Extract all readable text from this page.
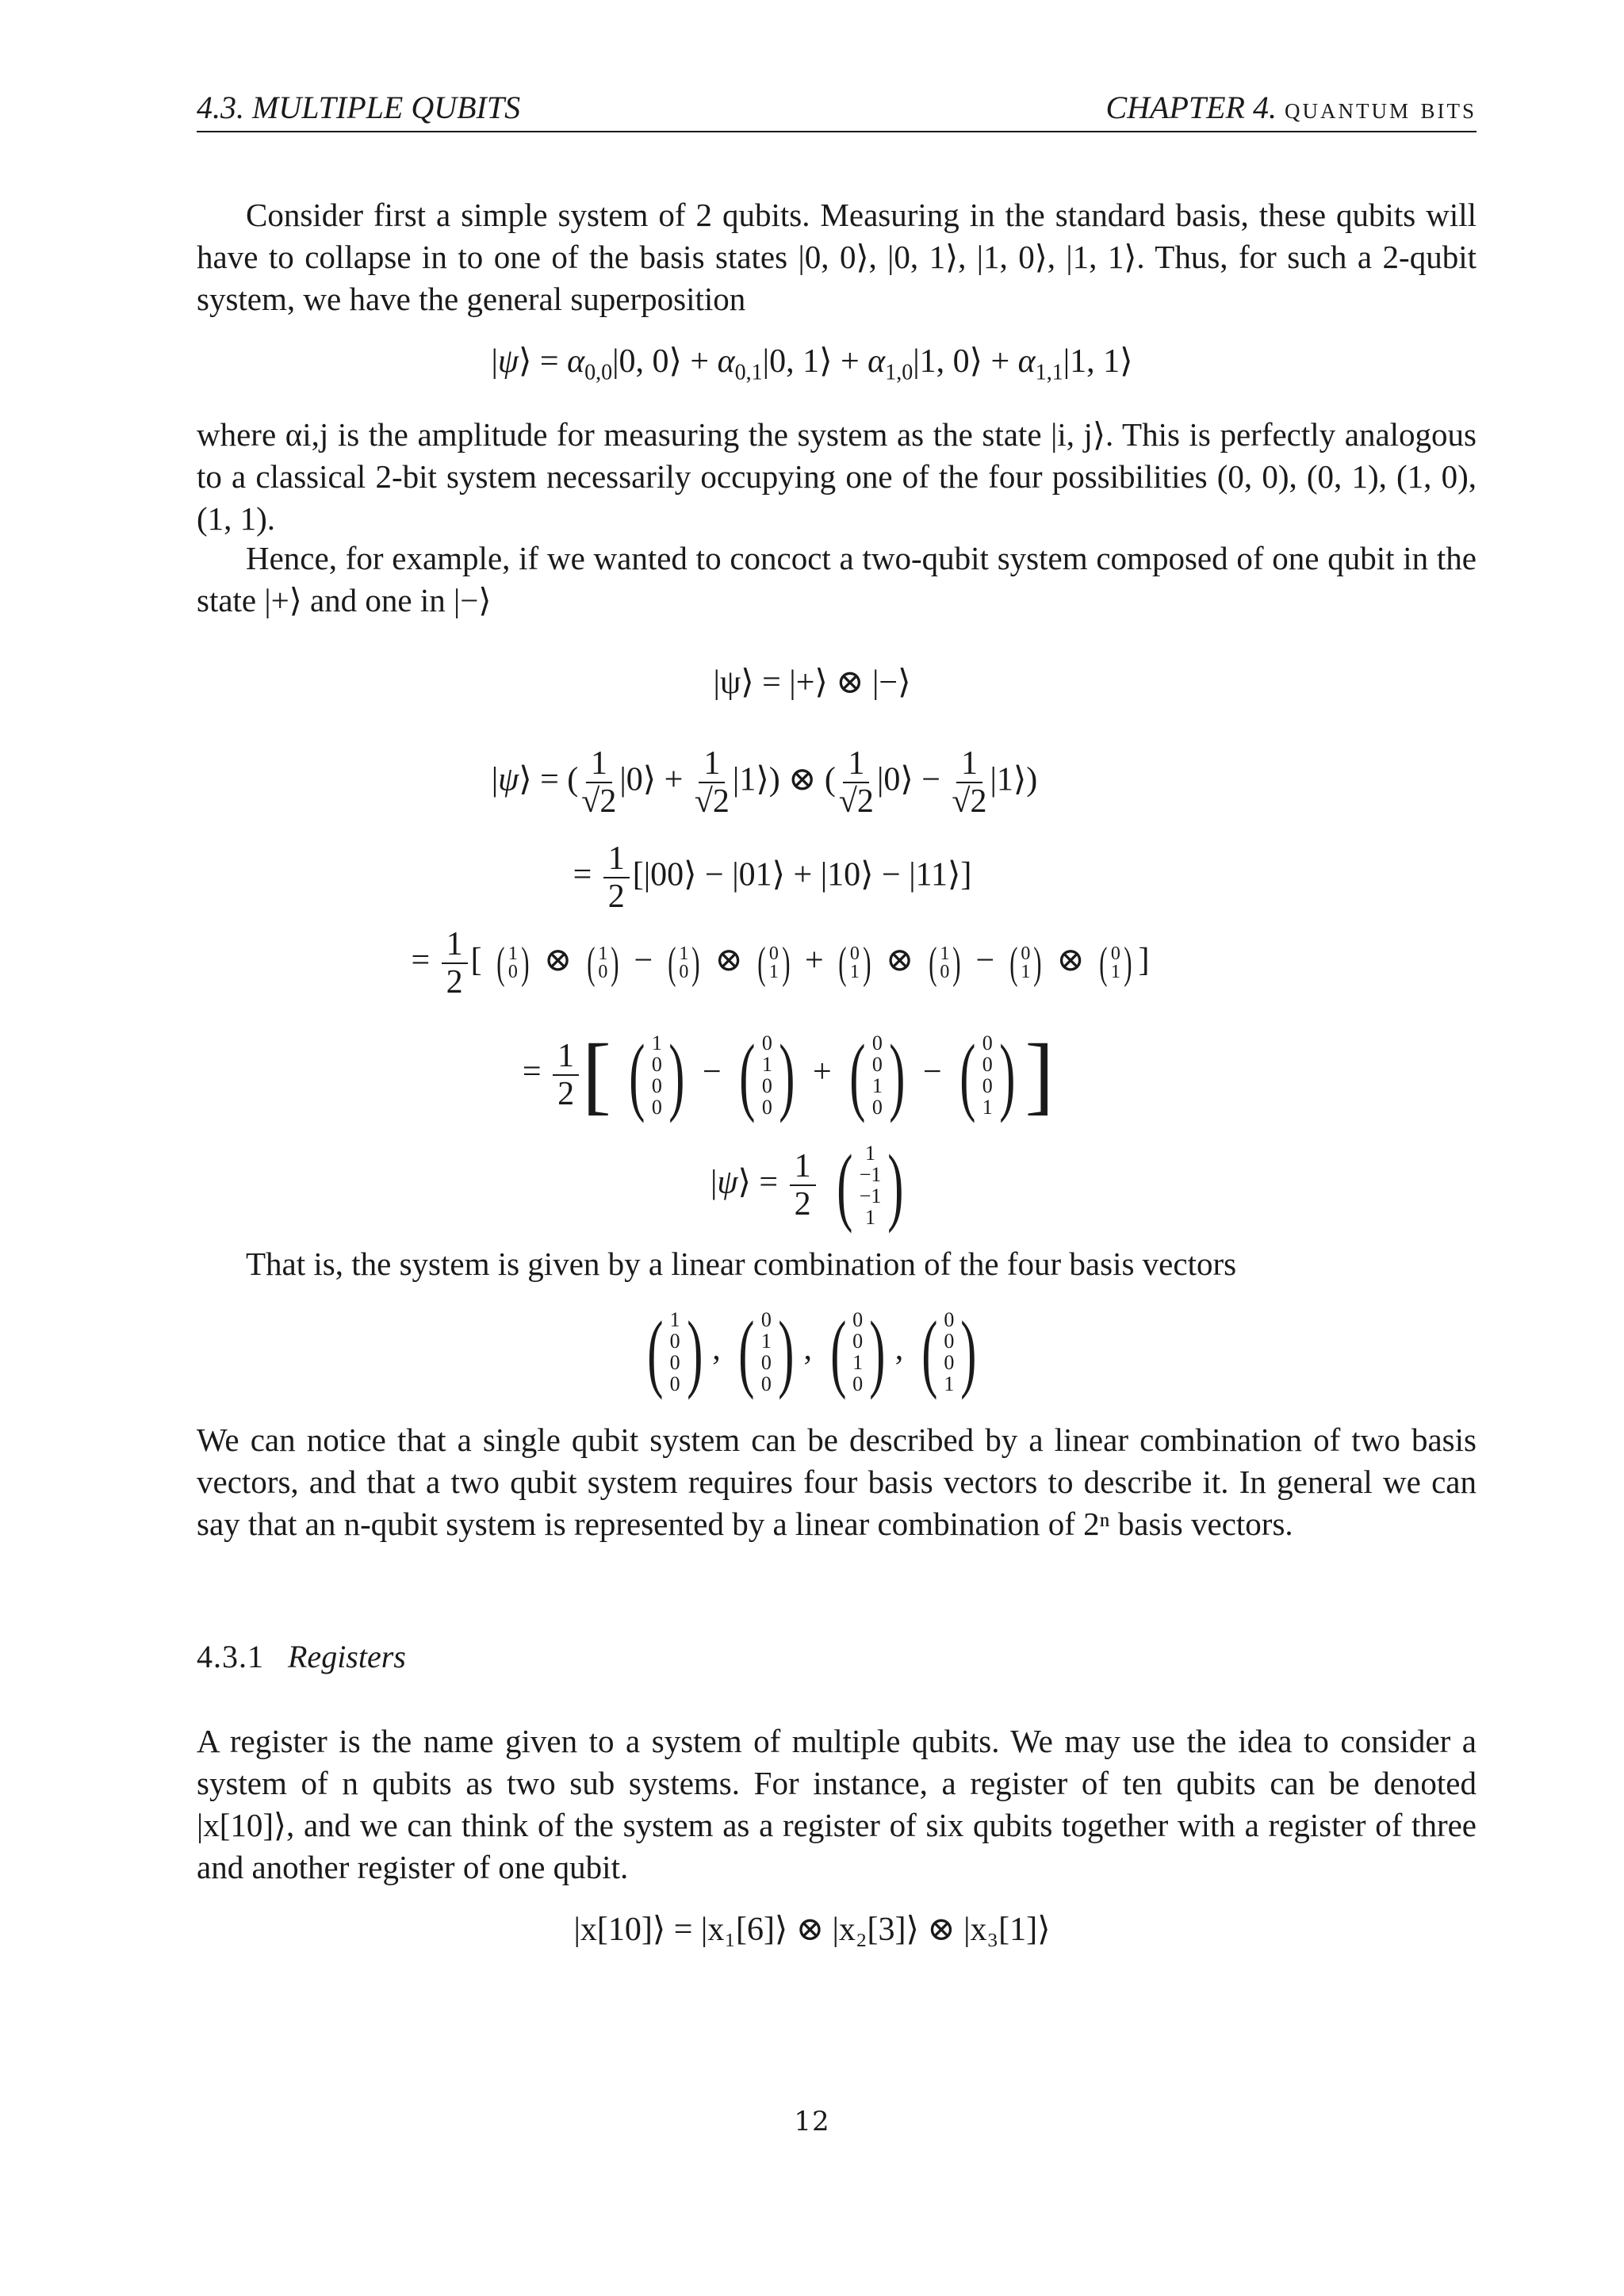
4.3. MULTIPLE QUBITS	CHAPTER 4. quantum bits
Consider first a simple system of 2 qubits. Measuring in the standard basis, these qubits will have to collapse in to one of the basis states |0, 0⟩, |0, 1⟩, |1, 0⟩, |1, 1⟩. Thus, for such a 2-qubit system, we have the general superposition
|ψ⟩ = $\alpha_{0,0}|0$, 0⟩ + $\alpha_{0,1}|0$, 1⟩ + $\alpha_{1,0}|1$, 0⟩ + $\alpha_{1,1}|1$, 1⟩
where αi,j is the amplitude for measuring the system as the state |i, j⟩. This is perfectly analogous to a classical 2-bit system necessarily occupying one of the four possibilities (0, 0), (0, 1), (1, 0), (1, 1).
Hence, for example, if we wanted to concoct a two-qubit system composed of one qubit in the state |+⟩ and one in |−⟩
|ψ⟩ = |+⟩ ⊗ |−⟩
|ψ⟩ = ( $\frac{1}{√2}$ |0⟩ + $\frac{1}{√2}$ |1⟩) ⊗ ( $\frac{1}{√2}$ |0⟩ − $\frac{1}{√2}$ |1⟩)
= $\frac{1}{2}$ [|00⟩ − |01⟩ + |10⟩ − |11⟩]
= $\frac{1}{2}$ [ ( 1
0 ) ⊗ ( 1
0 ) − ( 1
0 ) ⊗ ( 0
1 ) + ( 0
1 ) ⊗ ( 1
0 ) − ( 0
1 ) ⊗ ( 0
1 ) ]
= $\frac{1}{2}$ [ ( 1
0
0
0 ) − ( 0
1
0
0 ) + ( 0
0
1
0 ) − ( 0
0
0
1 ) ]
|ψ⟩ = $\frac{1}{2}$
( 1
−1
−1
1 )
That is, the system is given by a linear combination of the four basis vectors
( 1
0
0
0 ) , ( 0
1
0
0 ) , ( 0
0
1
0 ) , ( 0
0
0
1 )
We can notice that a single qubit system can be described by a linear combination of two basis vectors, and that a two qubit system requires four basis vectors to describe it. In general we can say that an n-qubit system is represented by a linear combination of 2ⁿ basis vectors.
4.3.1 Registers
A register is the name given to a system of multiple qubits. We may use the idea to consider a system of n qubits as two sub systems. For instance, a register of ten qubits can be denoted |x[10]⟩, and we can think of the system as a register of six qubits together with a register of three and another register of one qubit.
|x[10]⟩ = |x₁[6]⟩ ⊗ |x₂[3]⟩ ⊗ |x₃[1]⟩
12
